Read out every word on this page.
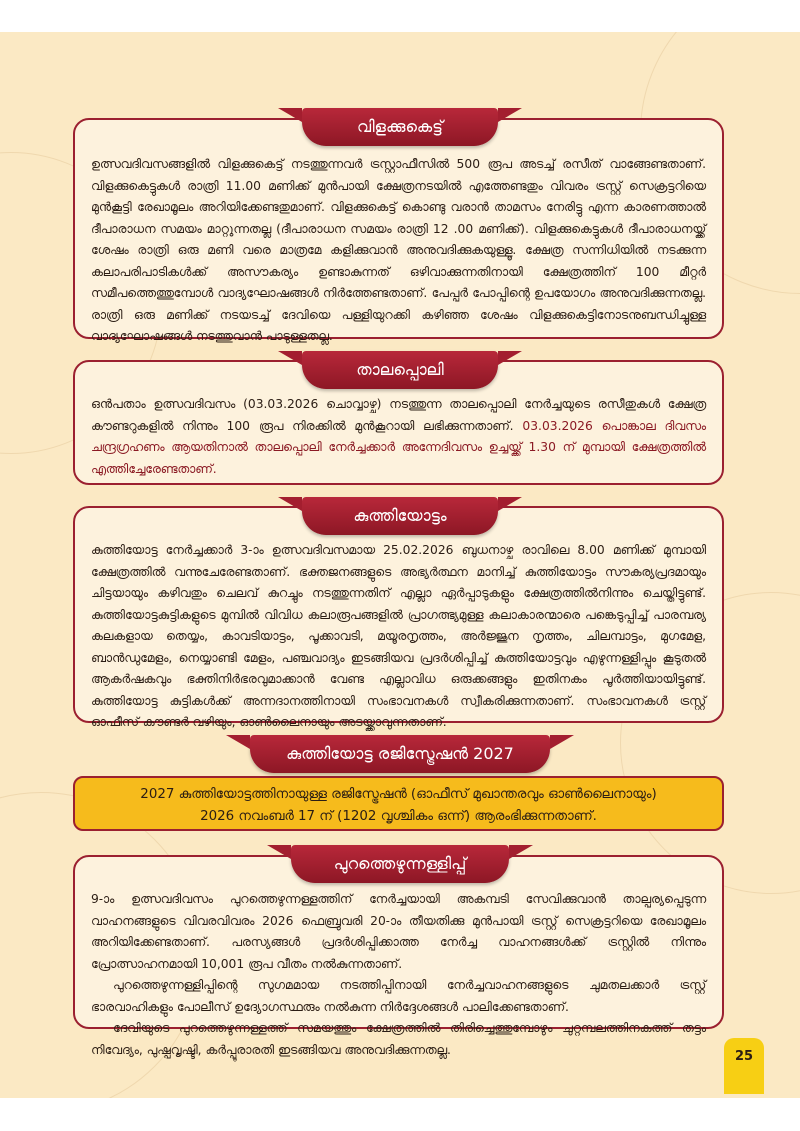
ഉത്സവദിവസങ്ങളിൽ വിളക്കുകെട്ട് നടത്തുന്നവർ ട്രസ്റ്റാഫീസിൽ 500 രൂപ അടച്ച് രസീത് വാങ്ങേണ്ടതാണ്. വിളക്കുകെട്ടുകൾ രാത്രി 11.00 മണിക്ക് മുൻപായി ക്ഷേത്രനടയിൽ എത്തേണ്ടതും വിവരം ട്രസ്റ്റ് സെക്രട്ടറിയെ മുൻകൂട്ടി രേഖാമൂലം അറിയിക്കേണ്ടതുമാണ്. വിളക്കുകെട്ട് കൊണ്ടു വരാൻ താമസം നേരിട്ടു എന്ന കാരണത്താൽ ദീപാരാധന സമയം മാറ്റുന്നതല്ല (ദീപാരാധന സമയം രാത്രി 12 .00 മണിക്ക്). വിളക്കുകെട്ടുകൾ ദീപാരാധനയ്ക്ക് ശേഷം രാത്രി ഒരു മണി വരെ മാത്രമേ കളിക്കുവാൻ അനുവദിക്കുകയുള്ളൂ. ക്ഷേത്ര സന്നിധിയിൽ നടക്കുന്ന കലാപരിപാടികൾക്ക് അസൗകര്യം ഉണ്ടാകുന്നത് ഒഴിവാക്കുന്നതിനായി ക്ഷേത്രത്തിന് 100 മീറ്റർ സമീപത്തെത്തുമ്പോൾ വാദ്യഘോഷങ്ങൾ നിർത്തേണ്ടതാണ്. പേപ്പർ പോപ്പിന്റെ ഉപയോഗം അനുവദിക്കുന്നതല്ല. രാത്രി ഒരു മണിക്ക് നടയടച്ച് ദേവിയെ പള്ളിയുറക്കി കഴിഞ്ഞ ശേഷം വിളക്കുകെട്ടിനോടനുബന്ധിച്ചുള്ള വാദ്യഘോഷങ്ങൾ നടത്തുവാൻ പാടുള്ളതല്ല.

വിളക്കുകെട്ട്

ഒൻപതാം ഉത്സവദിവസം (03.03.2026 ചൊവ്വാഴ്ച) നടത്തുന്ന താലപ്പൊലി നേർച്ചയുടെ രസീതുകൾ ക്ഷേത്ര കൗണ്ടറുകളിൽ നിന്നും 100 രൂപ നിരക്കിൽ മുൻകൂറായി ലഭിക്കുന്നതാണ്. 03.03.2026 പൊങ്കാല ദിവസം ചന്ദ്രഗ്രഹണം ആയതിനാൽ താലപ്പൊലി നേർച്ചക്കാർ അന്നേദിവസം ഉച്ചയ്ക്ക് 1.30 ന് മുമ്പായി ക്ഷേത്രത്തിൽ എത്തിച്ചേരേണ്ടതാണ്.

താലപ്പൊലി

കുത്തിയോട്ട നേർച്ചക്കാർ 3-ാം ഉത്സവദിവസമായ 25.02.2026 ബുധനാഴ്ച രാവിലെ 8.00 മണിക്ക് മുമ്പായി ക്ഷേത്രത്തിൽ വന്നുചേരേണ്ടതാണ്. ഭക്തജനങ്ങളുടെ അഭ്യർത്ഥന മാനിച്ച് കുത്തിയോട്ടം സൗകര്യപ്രദമായും ചിട്ടയായും കഴിവതും ചെലവ് കുറച്ചും നടത്തുന്നതിന് എല്ലാ ഏർപ്പാടുകളും ക്ഷേത്രത്തിൽനിന്നും ചെയ്തിട്ടുണ്ട്. കുത്തിയോട്ടകുട്ടികളുടെ മുമ്പിൽ വിവിധ കലാരൂപങ്ങളിൽ പ്രാഗത്ഭ്യമുള്ള കലാകാരന്മാരെ പങ്കെടുപ്പിച്ച് പാരമ്പര്യ കലകളായ തെയ്യം, കാവടിയാട്ടം, പൂക്കാവടി, മയൂരനൃത്തം, അർജ്ജുന നൃത്തം, ചിലമ്പാട്ടം, മുഗമേള, ബാൻഡുമേളം, നെയ്യാണ്ടി മേളം, പഞ്ചവാദ്യം ഇടങ്ങിയവ പ്രദർശിപ്പിച്ച് കുത്തിയോട്ടവും എഴുന്നള്ളിപ്പും കൂടുതൽ ആകർഷകവും ഭക്തിനിർഭരവുമാക്കാൻ വേണ്ട എല്ലാവിധ ഒരുക്കങ്ങളും ഇതിനകം പൂർത്തിയായിട്ടുണ്ട്. കുത്തിയോട്ട കുട്ടികൾക്ക് അന്നദാനത്തിനായി സംഭാവനകൾ സ്വീകരിക്കുന്നതാണ്. സംഭാവനകൾ ട്രസ്റ്റ് ഓഫീസ് കൗണ്ടർ വഴിയും, ഓൺലൈനായും അടയ്ക്കാവുന്നതാണ്.

കുത്തിയോട്ടം

2027 കുത്തിയോട്ടത്തിനായുള്ള രജിസ്ട്രേഷൻ (ഓഫീസ് മുഖാന്തരവും ഓൺലൈനായും)

2026 നവംബർ 17 ന് (1202 വൃശ്ചികം ഒന്ന്) ആരംഭിക്കുന്നതാണ്.

കുത്തിയോട്ട രജിസ്ട്രേഷൻ 2027

9-ാം ഉത്സവദിവസം പുറത്തെഴുന്നള്ളത്തിന് നേർച്ചയായി അകമ്പടി സേവിക്കുവാൻ താല്പര്യപ്പെടുന്ന വാഹനങ്ങളുടെ വിവരവിവരം 2026 ഫെബ്രുവരി 20-ാം തീയതിക്കു മുൻപായി ട്രസ്റ്റ് സെക്രട്ടറിയെ രേഖാമൂലം അറിയിക്കേണ്ടതാണ്. പരസ്യങ്ങൾ പ്രദർശിപ്പിക്കാത്ത നേർച്ച വാഹനങ്ങൾക്ക് ട്രസ്റ്റിൽ നിന്നും പ്രോത്സാഹനമായി 10,001 രൂപ വീതം നൽകുന്നതാണ്.

പുറത്തെഴുന്നള്ളിപ്പിന്റെ സുഗമമായ നടത്തിപ്പിനായി നേർച്ചവാഹനങ്ങളുടെ ചുമതലക്കാർ ട്രസ്റ്റ് ഭാരവാഹികളും പോലീസ് ഉദ്യോഗസ്ഥരും നൽകുന്ന നിർദ്ദേശങ്ങൾ പാലിക്കേണ്ടതാണ്.

ദേവിയുടെ പുറത്തെഴുന്നള്ളത്ത് സമയത്തും ക്ഷേത്രത്തിൽ തിരിച്ചെത്തുമ്പോഴും ചുറ്റമ്പലത്തിനകത്ത് തട്ടം നിവേദ്യം, പുഷ്പവൃഷ്ടി, കർപ്പൂരാരതി ഇടങ്ങിയവ അനുവദിക്കുന്നതല്ല.

പുറത്തെഴുന്നള്ളിപ്പ്
25
